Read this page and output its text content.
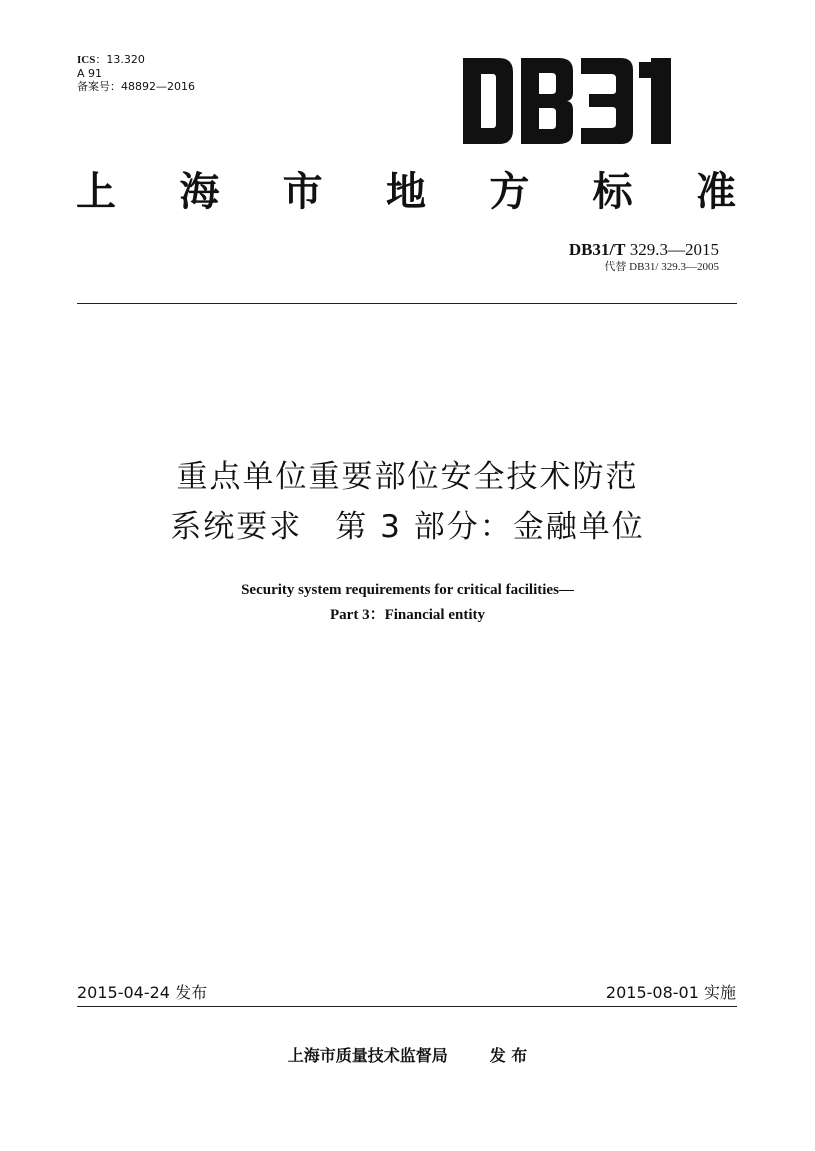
ICS：13.320
A 91
备案号：48892—2016
上 海 市 地 方 标 准
DB31/T 329.3—2015
代替 DB31/ 329.3—2005
重点单位重要部位安全技术防范
系统要求　第 3 部分：金融单位
Security system requirements for critical facilities—
Part 3：Financial entity
2015-04-24 发布	2015-08-01 实施
上海市质量技术监督局	发 布
